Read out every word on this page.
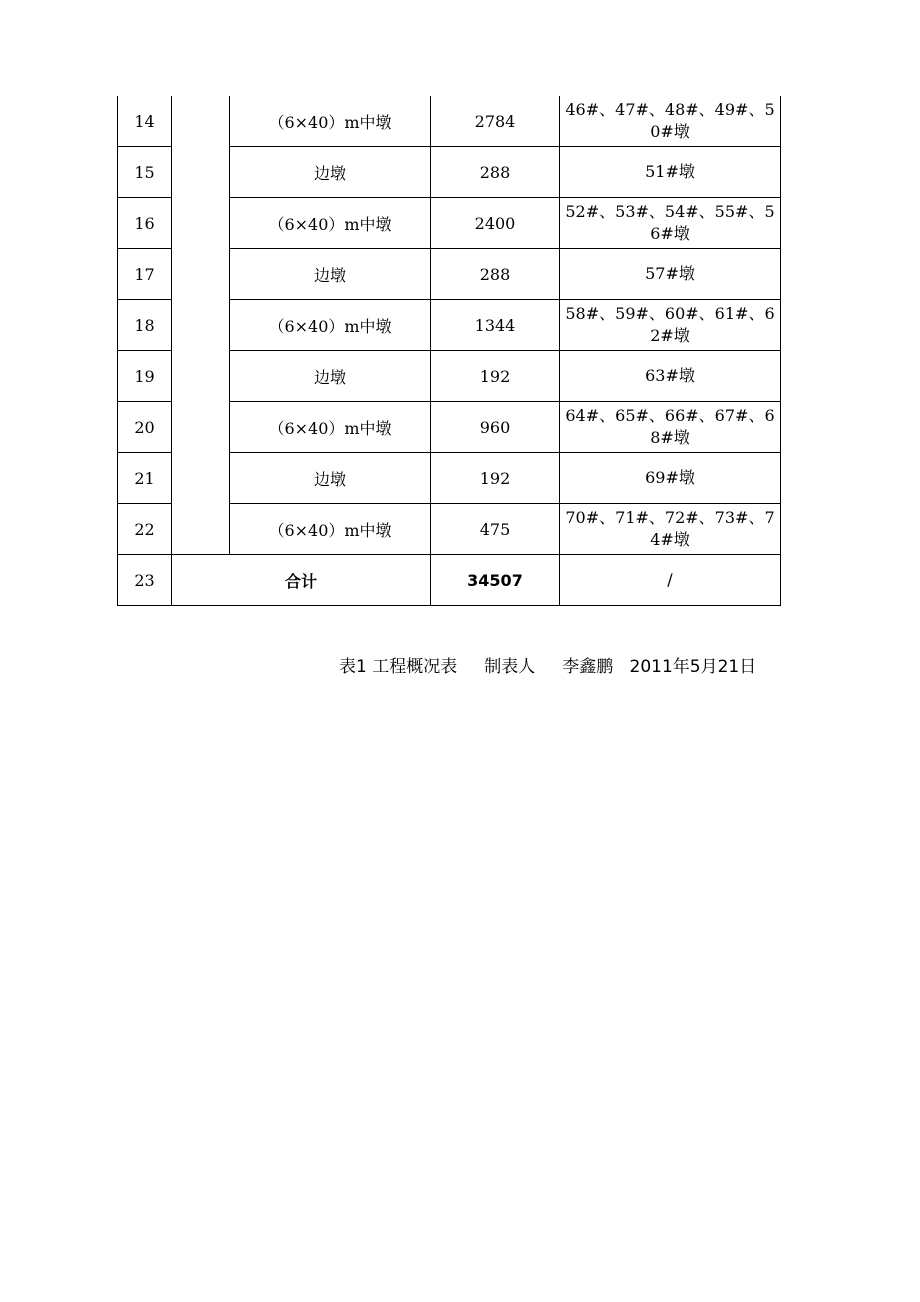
14		（6×40）m中墩	2784	46#、47#、48#、49#、50#墩
15		边墩	288	51#墩
16		（6×40）m中墩	2400	52#、53#、54#、55#、56#墩
17		边墩	288	57#墩
18		（6×40）m中墩	1344	58#、59#、60#、61#、62#墩
19		边墩	192	63#墩
20		（6×40）m中墩	960	64#、65#、66#、67#、68#墩
21		边墩	192	69#墩
22		（6×40）m中墩	475	70#、71#、72#、73#、74#墩
23	合计		34507	/
表1 工程概况表 制表人 李鑫鹏 2011年5月21日
